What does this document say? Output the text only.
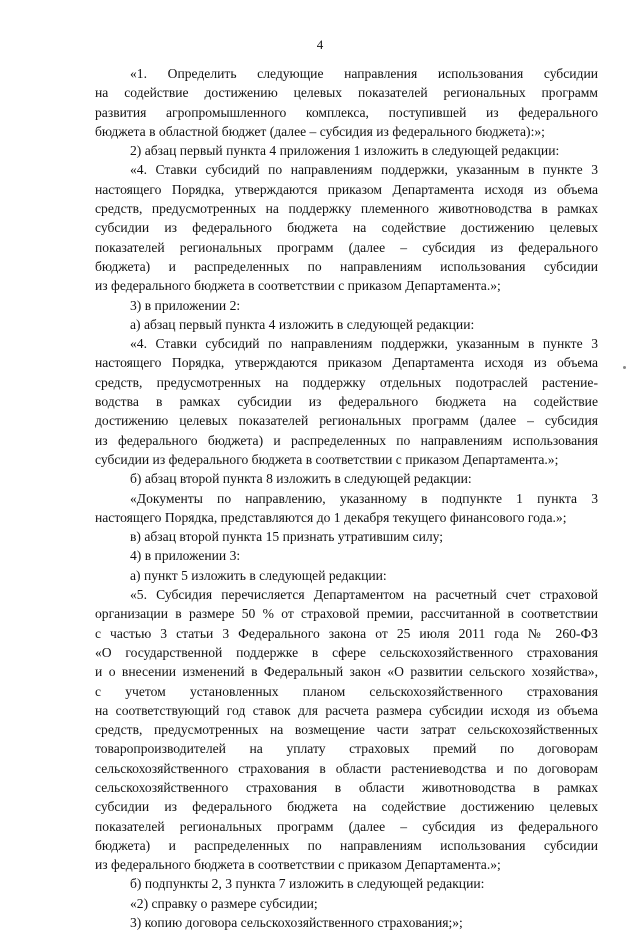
4
«1. Определить следующие направления использования субсидии
на содействие достижению целевых показателей региональных программ
развития агропромышленного комплекса, поступившей из федерального
бюджета в областной бюджет (далее – субсидия из федерального бюджета):»;
2) абзац первый пункта 4 приложения 1 изложить в следующей редакции:
«4. Ставки субсидий по направлениям поддержки, указанным в пункте 3
настоящего Порядка, утверждаются приказом Департамента исходя из объема
средств, предусмотренных на поддержку племенного животноводства в рамках
субсидии из федерального бюджета на содействие достижению целевых
показателей региональных программ (далее – субсидия из федерального
бюджета) и распределенных по направлениям использования субсидии
из федерального бюджета в соответствии с приказом Департамента.»;
3) в приложении 2:
а) абзац первый пункта 4 изложить в следующей редакции:
«4. Ставки субсидий по направлениям поддержки, указанным в пункте 3
настоящего Порядка, утверждаются приказом Департамента исходя из объема
средств, предусмотренных на поддержку отдельных подотраслей растение-
водства в рамках субсидии из федерального бюджета на содействие
достижению целевых показателей региональных программ (далее – субсидия
из федерального бюджета) и распределенных по направлениям использования
субсидии из федерального бюджета в соответствии с приказом Департамента.»;
б) абзац второй пункта 8 изложить в следующей редакции:
«Документы по направлению, указанному в подпункте 1 пункта 3
настоящего Порядка, представляются до 1 декабря текущего финансового года.»;
в) абзац второй пункта 15 признать утратившим силу;
4) в приложении 3:
а) пункт 5 изложить в следующей редакции:
«5. Субсидия перечисляется Департаментом на расчетный счет страховой
организации в размере 50 % от страховой премии, рассчитанной в соответствии
с частью 3 статьи 3 Федерального закона от 25 июля 2011 года № 260-ФЗ
«О государственной поддержке в сфере сельскохозяйственного страхования
и о внесении изменений в Федеральный закон «О развитии сельского хозяйства»,
с учетом установленных планом сельскохозяйственного страхования
на соответствующий год ставок для расчета размера субсидии исходя из объема
средств, предусмотренных на возмещение части затрат сельскохозяйственных
товаропроизводителей на уплату страховых премий по договорам
сельскохозяйственного страхования в области растениеводства и по договорам
сельскохозяйственного страхования в области животноводства в рамках
субсидии из федерального бюджета на содействие достижению целевых
показателей региональных программ (далее – субсидия из федерального
бюджета) и распределенных по направлениям использования субсидии
из федерального бюджета в соответствии с приказом Департамента.»;
б) подпункты 2, 3 пункта 7 изложить в следующей редакции:
«2) справку о размере субсидии;
3) копию договора сельскохозяйственного страхования;»;
